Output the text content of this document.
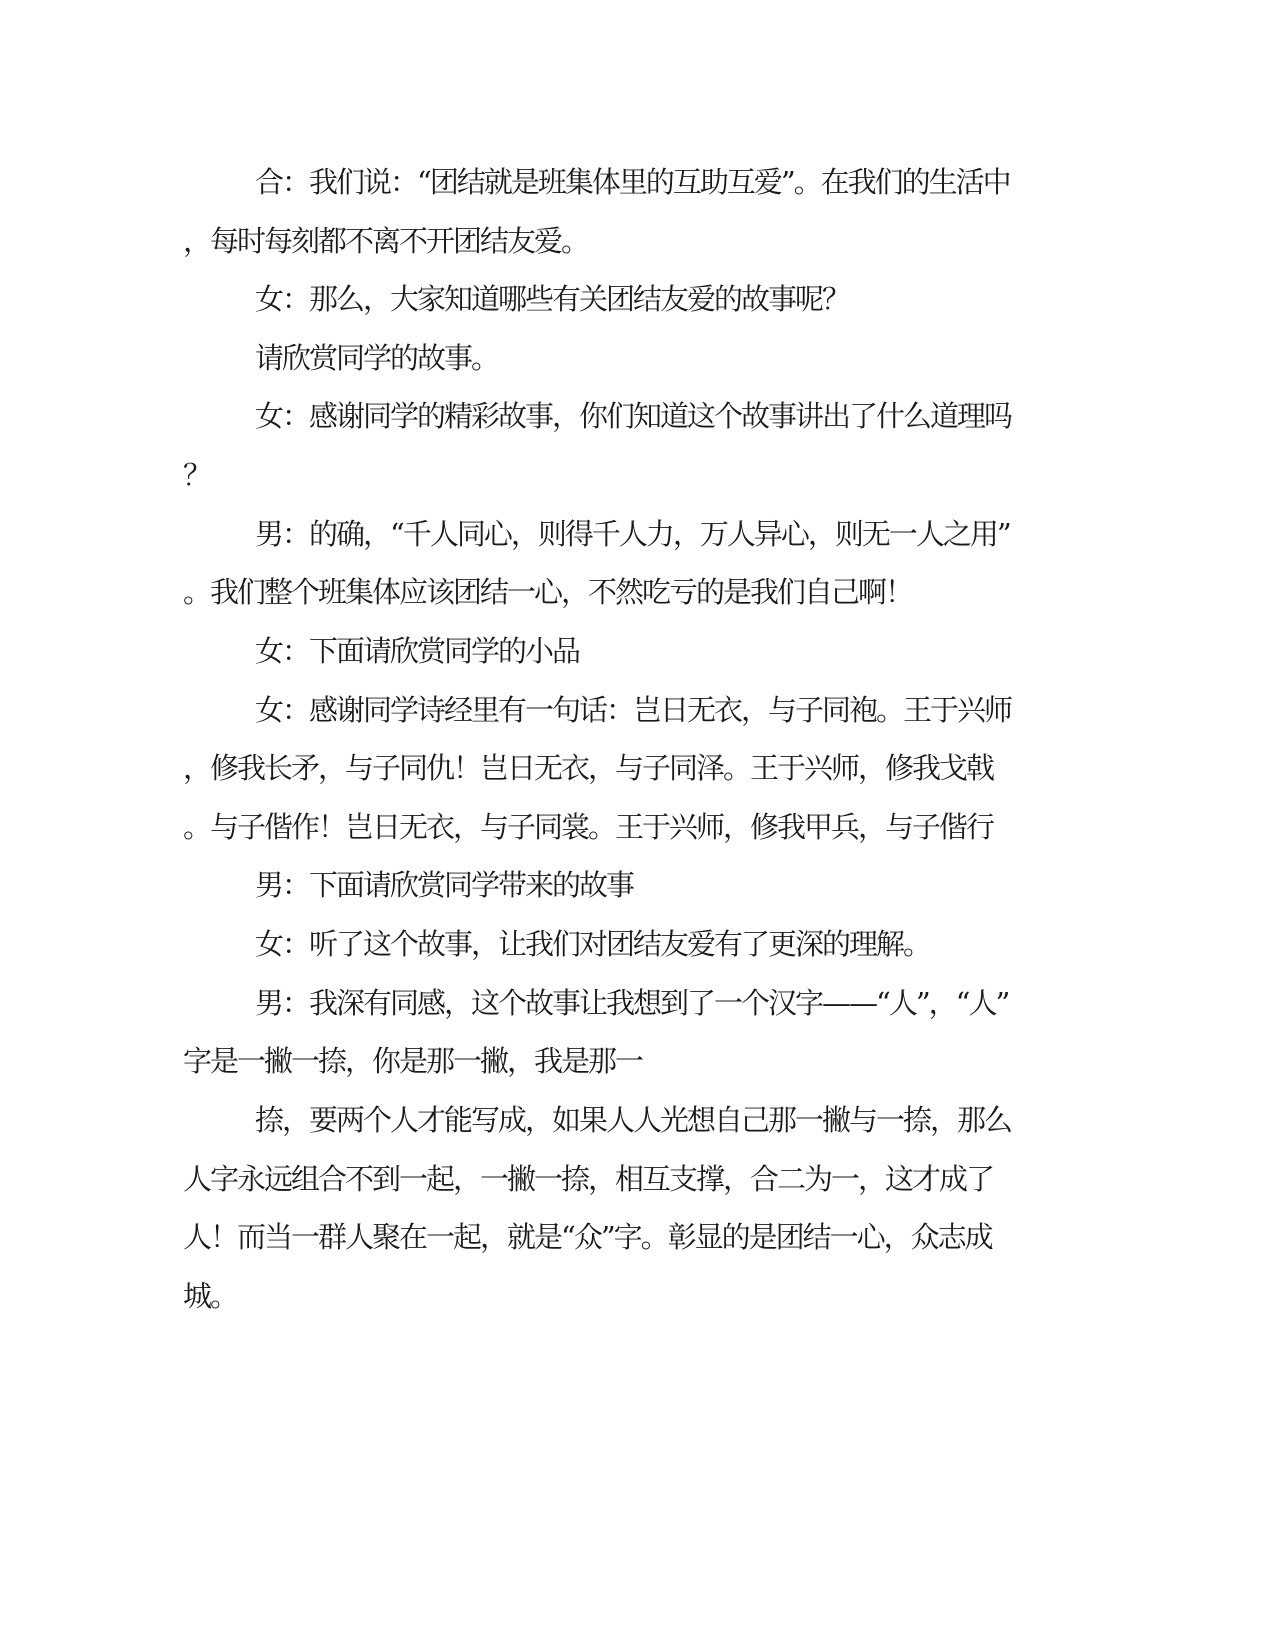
合：我们说：“团结就是班集体里的互助互爱”。在我们的生活中
，每时每刻都不离不开团结友爱。
女：那么，大家知道哪些有关团结友爱的故事呢？
请欣赏同学的故事。
女：感谢同学的精彩故事，你们知道这个故事讲出了什么道理吗
？
男：的确，“千人同心，则得千人力，万人异心，则无一人之用”
。我们整个班集体应该团结一心，不然吃亏的是我们自己啊！
女：下面请欣赏同学的小品
女：感谢同学诗经里有一句话：岂日无衣，与子同袍。王于兴师
，修我长矛，与子同仇！岂日无衣，与子同泽。王于兴师，修我戈戟
。与子偕作！岂日无衣，与子同裳。王于兴师，修我甲兵，与子偕行
男：下面请欣赏同学带来的故事
女：听了这个故事，让我们对团结友爱有了更深的理解。
男：我深有同感，这个故事让我想到了一个汉字——“人”，“人”
字是一撇一捺，你是那一撇，我是那一
捺，要两个人才能写成，如果人人光想自己那一撇与一捺，那么
人字永远组合不到一起，一撇一捺，相互支撑，合二为一，这才成了
人！而当一群人聚在一起，就是“众”字。彰显的是团结一心，众志成
城。
